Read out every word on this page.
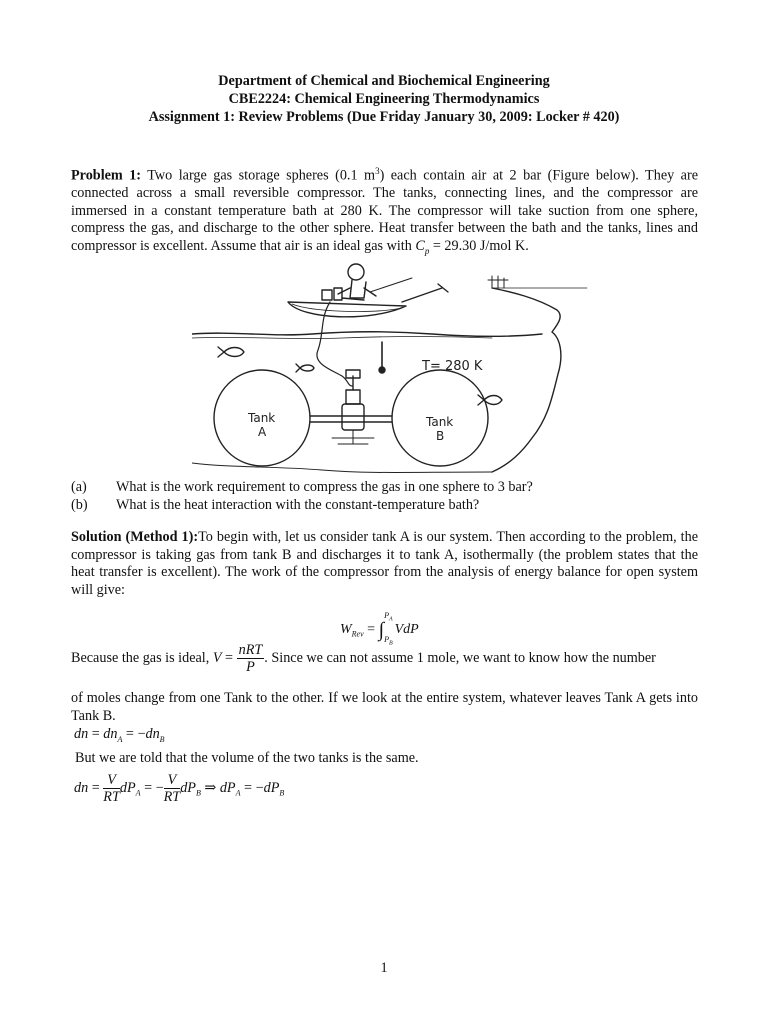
Department of Chemical and Biochemical Engineering
CBE2224: Chemical Engineering Thermodynamics
Assignment 1: Review Problems (Due Friday January 30, 2009: Locker # 420)
Problem 1: Two large gas storage spheres (0.1 $m^3$) each contain air at 2 bar (Figure below). They are connected across a small reversible compressor. The tanks, connecting lines, and the compressor are immersed in a constant temperature bath at 280 K. The compressor will take suction from one sphere, compress the gas, and discharge to the other sphere. Heat transfer between the bath and the tanks, lines and compressor is excellent. Assume that air is an ideal gas with $C_p = 29.30$ J/mol K.
T= 280 K
Tank
A
Tank
B
(a)	What is the work requirement to compress the gas in one sphere to 3 bar?
(b)	What is the heat interaction with the constant-temperature bath?
Solution (Method 1):To begin with, let us consider tank A is our system. Then according to the problem, the compressor is taking gas from tank B and discharges it to tank A, isothermally (the problem states that the heat transfer is excellent). The work of the compressor from the analysis of energy balance for open system will give:
$W_{Rev}$ = ∫
$P_A$
$P_B$
VdP
Because the gas is ideal, $V = \frac{\text{nRT}}{P}$ . Since we can not assume 1 mole, we want to know how the number
of moles change from one Tank to the other. If we look at the entire system, whatever leaves Tank A gets into Tank B.
dn = $dn_A = -dn_B$
But we are told that the volume of the two tanks is the same.
dn = $\frac{V}{RT} dP_A$ = − $\frac{V}{RT} dP_B$ ⇒ $dP_A = -dP_B$
1
